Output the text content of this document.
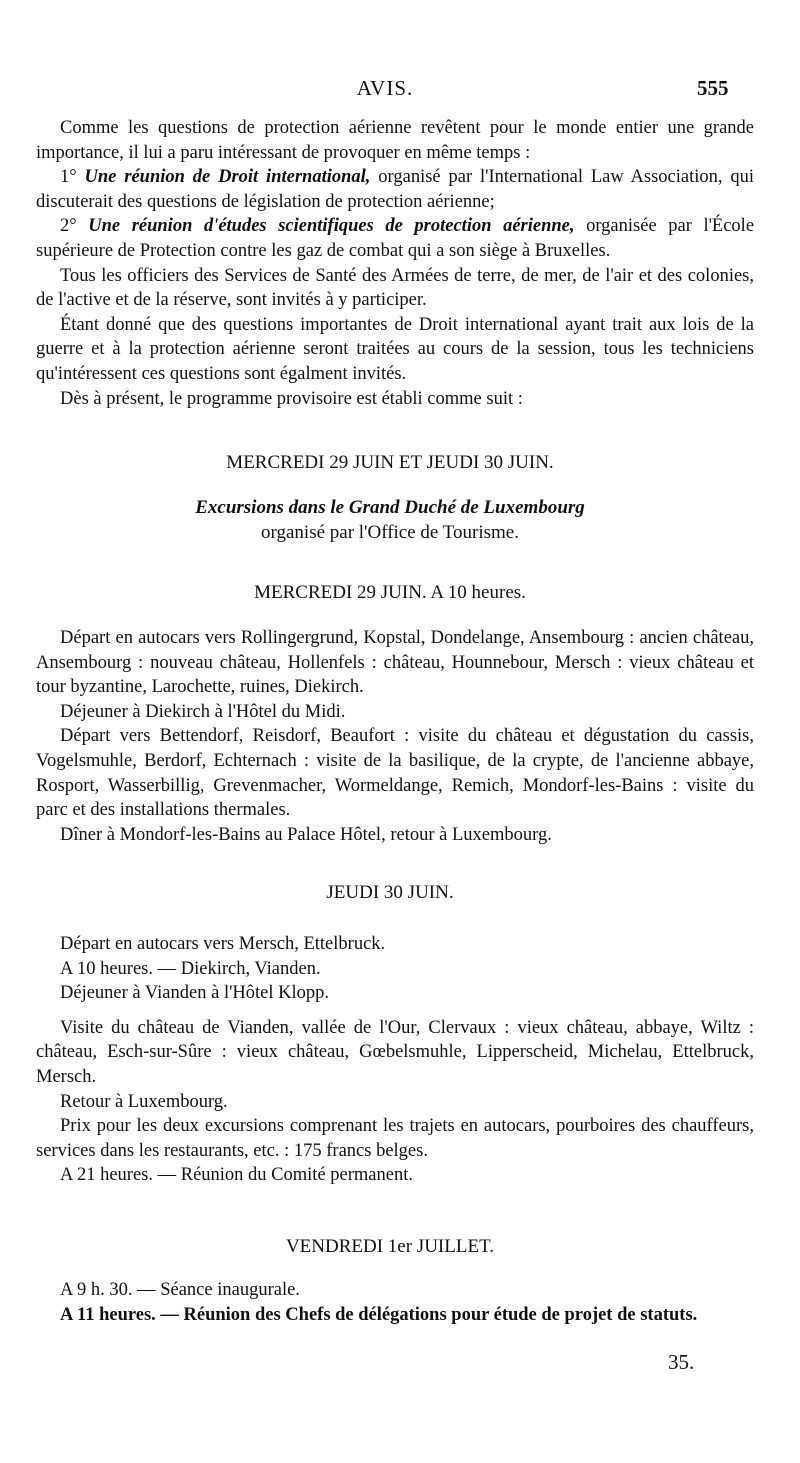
AVIS.	555

Comme les questions de protection aérienne revêtent pour le monde entier une grande importance, il lui a paru intéressant de provoquer en même temps :

1° Une réunion de Droit international, organisé par l'International Law Association, qui discuterait des questions de législation de protection aérienne;

2° Une réunion d'études scientifiques de protection aérienne, organisée par l'École supérieure de Protection contre les gaz de combat qui a son siège à Bruxelles.

Tous les officiers des Services de Santé des Armées de terre, de mer, de l'air et des colonies, de l'active et de la réserve, sont invités à y participer.

Étant donné que des questions importantes de Droit international ayant trait aux lois de la guerre et à la protection aérienne seront traitées au cours de la session, tous les techniciens qu'intéressent ces questions sont égalment invités.

Dès à présent, le programme provisoire est établi comme suit :

MERCREDI 29 JUIN ET JEUDI 30 JUIN.
Excursions dans le Grand Duché de Luxembourg
organisé par l'Office de Tourisme.
MERCREDI 29 JUIN. A 10 heures.

Départ en autocars vers Rollingergrund, Kopstal, Dondelange, Ansembourg : ancien château, Ansembourg : nouveau château, Hollenfels : château, Hounnebour, Mersch : vieux château et tour byzantine, Larochette, ruines, Diekirch.

Déjeuner à Diekirch à l'Hôtel du Midi.

Départ vers Bettendorf, Reisdorf, Beaufort : visite du château et dégustation du cassis, Vogelsmuhle, Berdorf, Echternach : visite de la basilique, de la crypte, de l'ancienne abbaye, Rosport, Wasserbillig, Grevenmacher, Wormeldange, Remich, Mondorf-les-Bains : visite du parc et des installations thermales.

Dîner à Mondorf-les-Bains au Palace Hôtel, retour à Luxembourg.

JEUDI 30 JUIN.

Départ en autocars vers Mersch, Ettelbruck.

A 10 heures. — Diekirch, Vianden.

Déjeuner à Vianden à l'Hôtel Klopp.

Visite du château de Vianden, vallée de l'Our, Clervaux : vieux château, abbaye, Wiltz : château, Esch-sur-Sûre : vieux château, Gœbelsmuhle, Lipperscheid, Michelau, Ettelbruck, Mersch.

Retour à Luxembourg.

Prix pour les deux excursions comprenant les trajets en autocars, pourboires des chauffeurs, services dans les restaurants, etc. : 175 francs belges.

A 21 heures. — Réunion du Comité permanent.

VENDREDI 1er JUILLET.

A 9 h. 30. — Séance inaugurale.

A 11 heures. — Réunion des Chefs de délégations pour étude de projet de statuts.

35.
